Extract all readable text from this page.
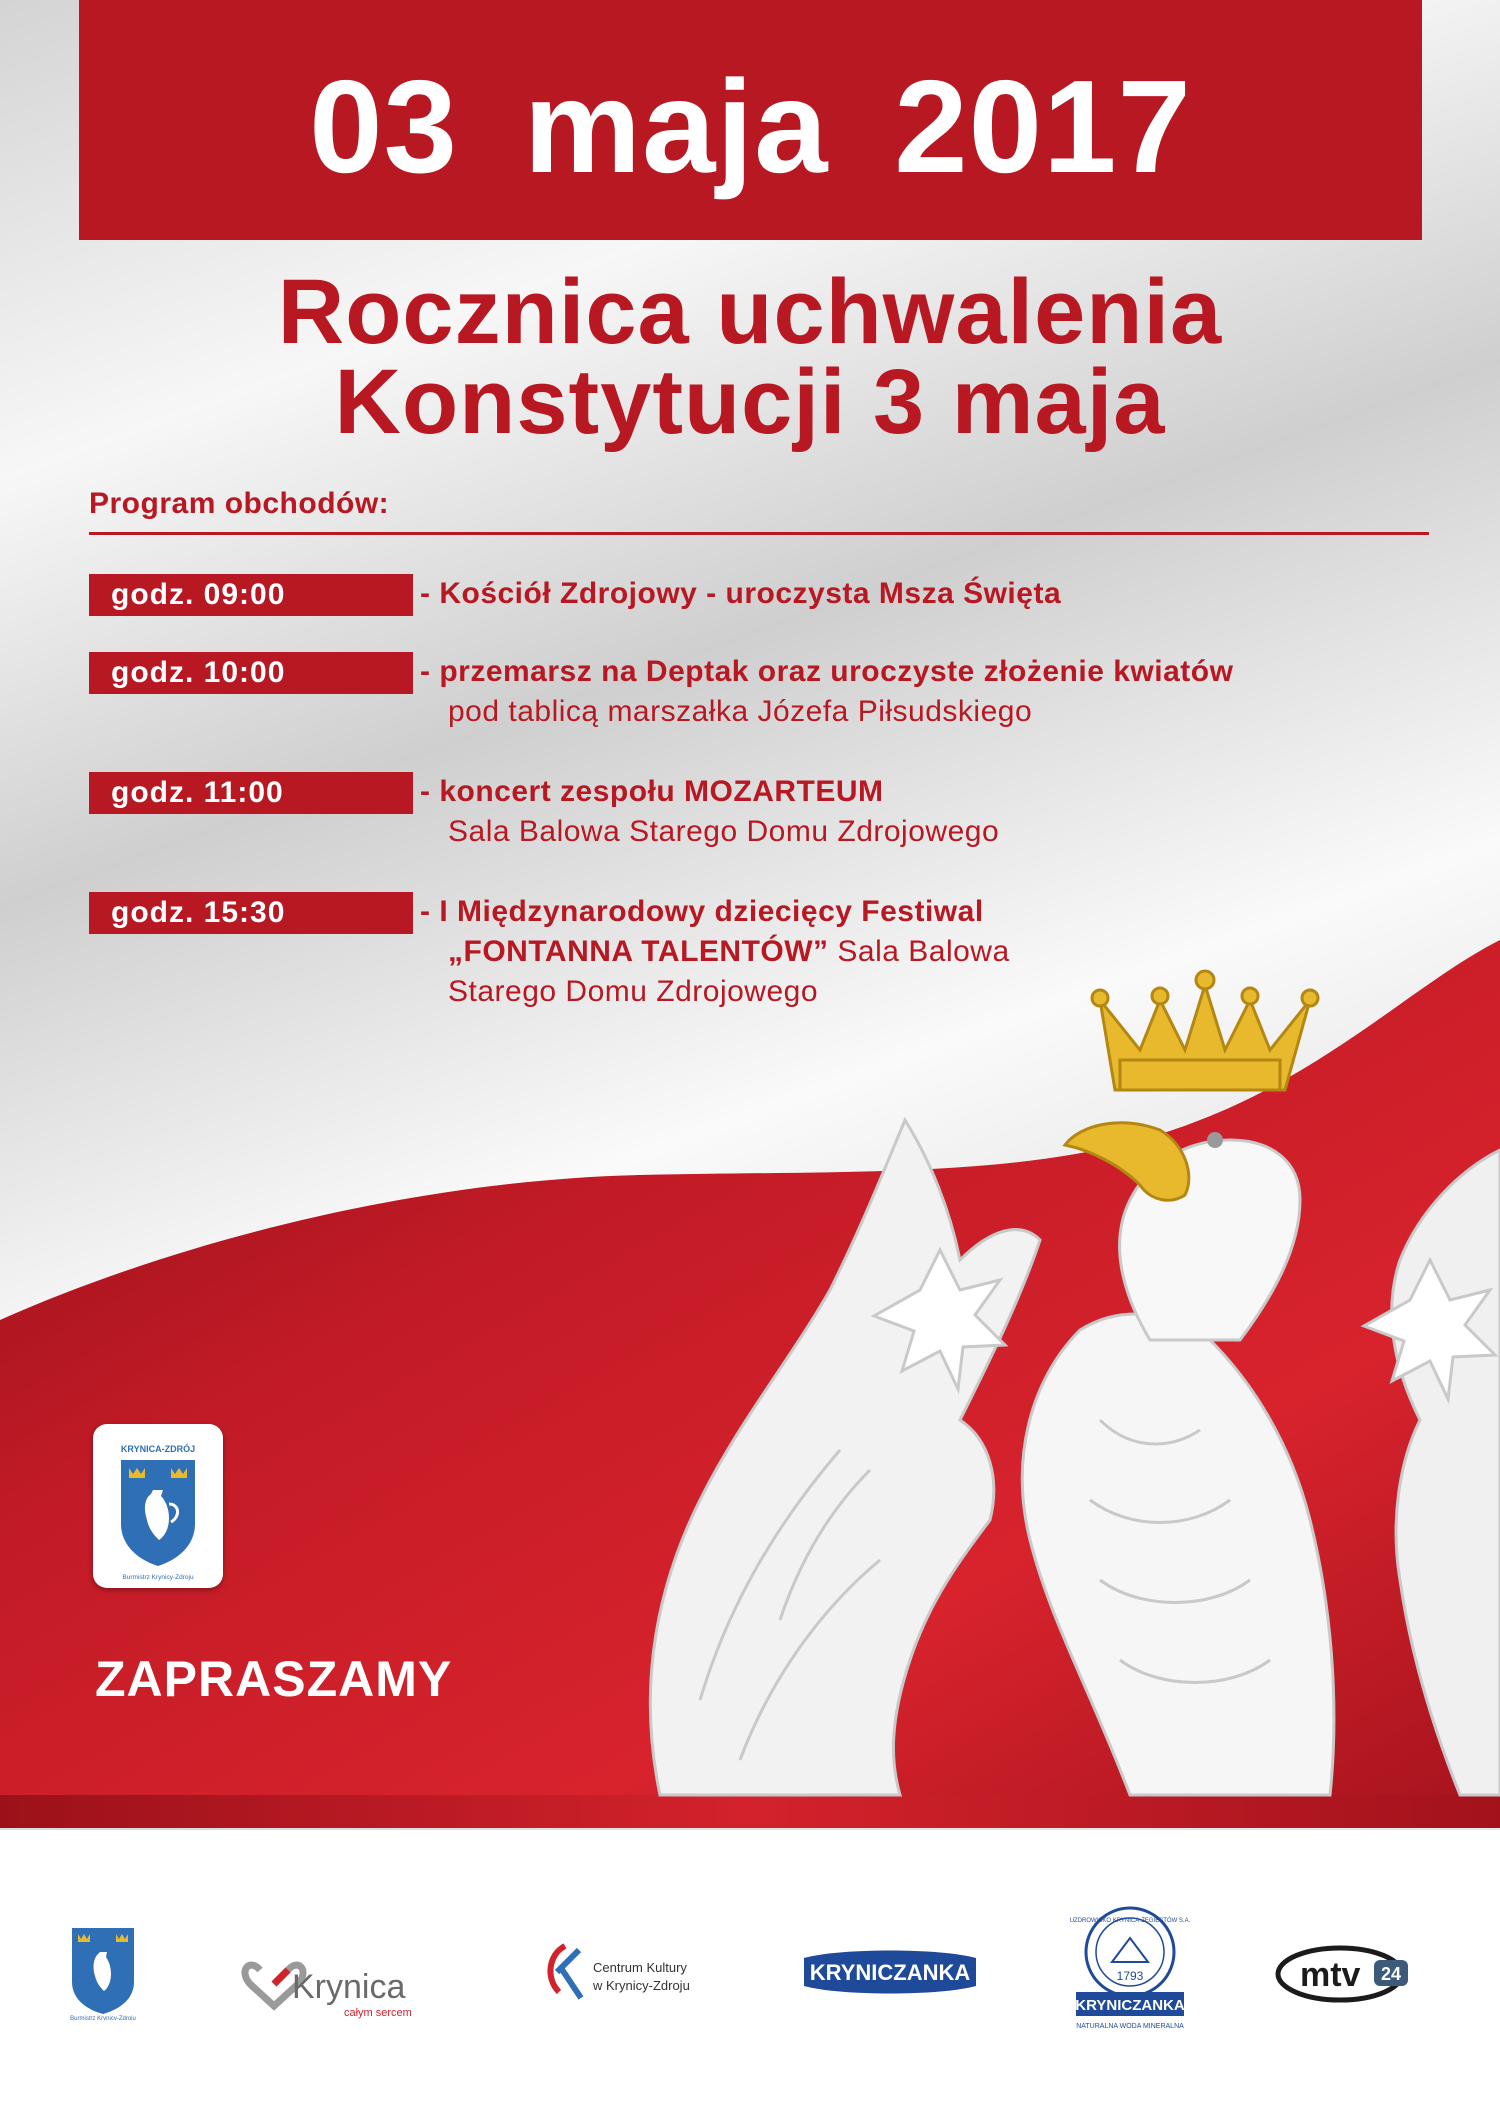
03 maja 2017
Rocznica uchwalenia
Konstytucji 3 maja
Program obchodów:
godz. 09:00	- Kościół Zdrojowy - uroczysta Msza Święta
godz. 10:00	- przemarsz na Deptak oraz uroczyste złożenie kwiatów
pod tablicą marszałka Józefa Piłsudskiego
godz. 11:00	- koncert zespołu MOZARTEUM
Sala Balowa Starego Domu Zdrojowego
godz. 15:30	- I Międzynarodowy dziecięcy Festiwal
„FONTANNA TALENTÓW” Sala Balowa
Starego Domu Zdrojowego
KRYNICA-ZDRÓJ
Burmistrz Krynicy-Zdroju
ZAPRASZAMY
Burmistrz Krynicy-Zdroju
Krynica
całym sercem
Centrum Kultury
w Krynicy-Zdroju
KRYNICZANKA
UZDROWISKO KRYNICA-ŻEGIESTÓW S.A.
1793
KRYNICZANKA
NATURALNA WODA MINERALNA
mtv 24
